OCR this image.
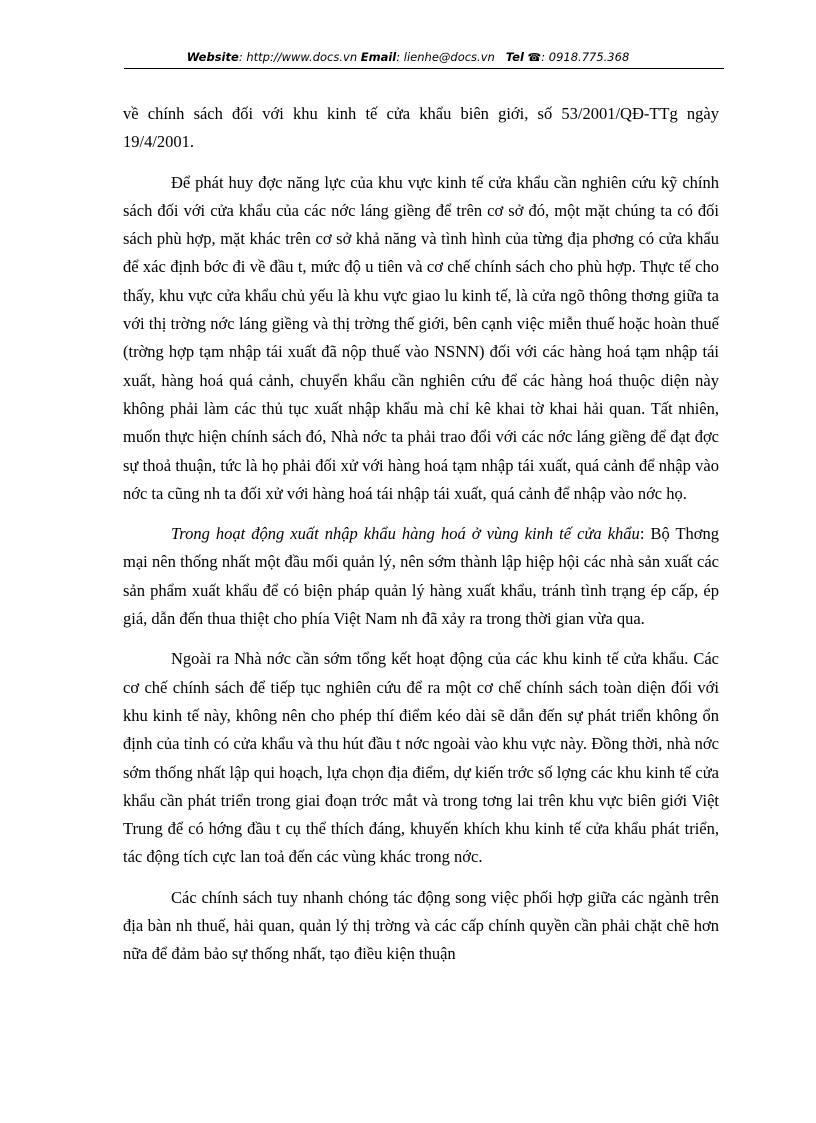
Website: http://www.docs.vn Email: lienhe@docs.vn Tel ☎: 0918.775.368

về chính sách đối với khu kinh tế cửa khẩu biên giới, số 53/2001/QĐ-TTg ngày 19/4/2001.

Để phát huy đợc năng lực của khu vực kinh tế cửa khẩu cần nghiên cứu kỹ chính sách đối với cửa khẩu của các nớc láng giềng để trên cơ sở đó, một mặt chúng ta có đối sách phù hợp, mặt khác trên cơ sở khả năng và tình hình của từng địa phơng có cửa khẩu để xác định bớc đi về đầu t, mức độ u tiên và cơ chế chính sách cho phù hợp. Thực tế cho thấy, khu vực cửa khẩu chủ yếu là khu vực giao lu kinh tế, là cửa ngõ thông thơng giữa ta với thị trờng nớc láng giềng và thị trờng thế giới, bên cạnh việc miễn thuế hoặc hoàn thuế (trờng hợp tạm nhập tái xuất đã nộp thuế vào NSNN) đối với các hàng hoá tạm nhập tái xuất, hàng hoá quá cảnh, chuyển khẩu cần nghiên cứu để các hàng hoá thuộc diện này không phải làm các thủ tục xuất nhập khẩu mà chỉ kê khai tờ khai hải quan. Tất nhiên, muốn thực hiện chính sách đó, Nhà nớc ta phải trao đổi với các nớc láng giềng để đạt đợc sự thoả thuận, tức là họ phải đối xử với hàng hoá tạm nhập tái xuất, quá cảnh để nhập vào nớc ta cũng nh ta đối xử với hàng hoá tái nhập tái xuất, quá cảnh để nhập vào nớc họ.

Trong hoạt động xuất nhập khẩu hàng hoá ở vùng kinh tế cửa khẩu: Bộ Thơng mại nên thống nhất một đầu mối quản lý, nên sớm thành lập hiệp hội các nhà sản xuất các sản phẩm xuất khẩu để có biện pháp quản lý hàng xuất khẩu, tránh tình trạng ép cấp, ép giá, dẫn đến thua thiệt cho phía Việt Nam nh đã xảy ra trong thời gian vừa qua.

Ngoài ra Nhà nớc cần sớm tổng kết hoạt động của các khu kinh tế cửa khẩu. Các cơ chế chính sách để tiếp tục nghiên cứu để ra một cơ chế chính sách toàn diện đối với khu kinh tế này, không nên cho phép thí điểm kéo dài sẽ dẫn đến sự phát triển không ổn định của tỉnh có cửa khẩu và thu hút đầu t nớc ngoài vào khu vực này. Đồng thời, nhà nớc sớm thống nhất lập qui hoạch, lựa chọn địa điểm, dự kiến trớc số lợng các khu kinh tế cửa khẩu cần phát triển trong giai đoạn trớc mắt và trong tơng lai trên khu vực biên giới Việt Trung để có hớng đầu t cụ thể thích đáng, khuyến khích khu kinh tế cửa khẩu phát triển, tác động tích cực lan toả đến các vùng khác trong nớc.

Các chính sách tuy nhanh chóng tác động song việc phối hợp giữa các ngành trên địa bàn nh thuế, hải quan, quản lý thị trờng và các cấp chính quyền cần phải chặt chẽ hơn nữa để đảm bảo sự thống nhất, tạo điều kiện thuận
